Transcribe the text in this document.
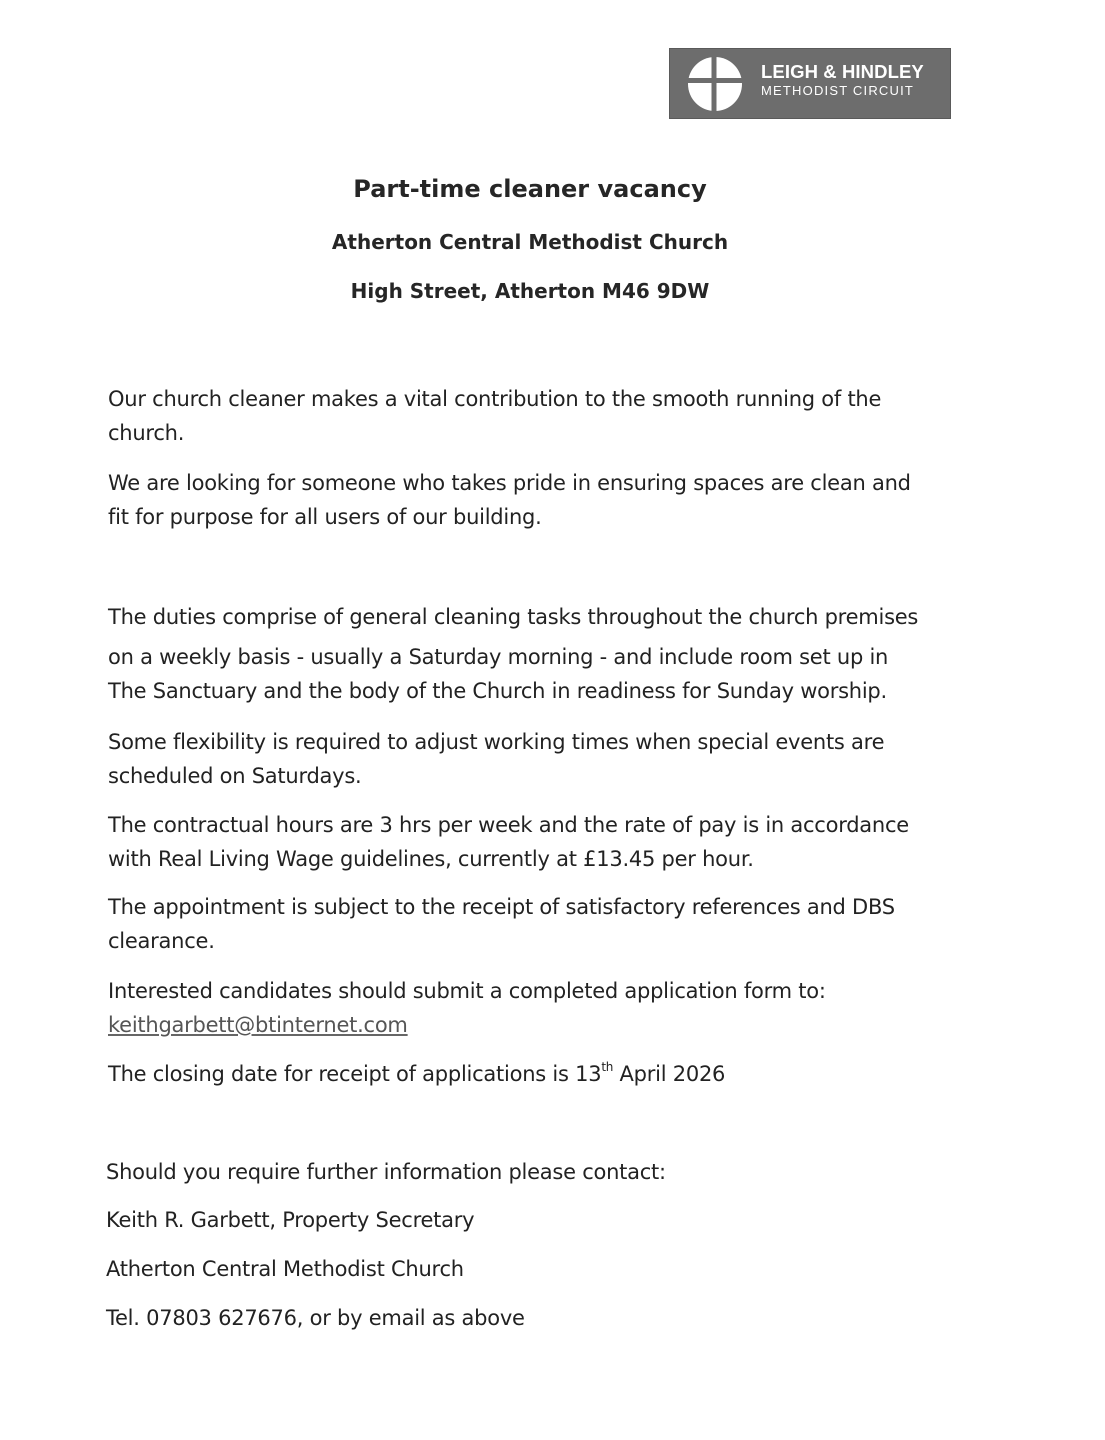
LEIGH & HINDLEY
METHODIST CIRCUIT
Part-time cleaner vacancy
Atherton Central Methodist Church
High Street, Atherton M46 9DW
Our church cleaner makes a vital contribution to the smooth running of the
church.
We are looking for someone who takes pride in ensuring spaces are clean and
fit for purpose for all users of our building.
The duties comprise of general cleaning tasks throughout the church premises
on a weekly basis - usually a Saturday morning - and include room set up in
The Sanctuary and the body of the Church in readiness for Sunday worship.
Some flexibility is required to adjust working times when special events are
scheduled on Saturdays.
The contractual hours are 3 hrs per week and the rate of pay is in accordance
with Real Living Wage guidelines, currently at £13.45 per hour.
The appointment is subject to the receipt of satisfactory references and DBS
clearance.
Interested candidates should submit a completed application form to:
keithgarbett@btinternet.com
The closing date for receipt of applications is 13th April 2026
Should you require further information please contact:
Keith R. Garbett, Property Secretary
Atherton Central Methodist Church
Tel. 07803 627676, or by email as above
